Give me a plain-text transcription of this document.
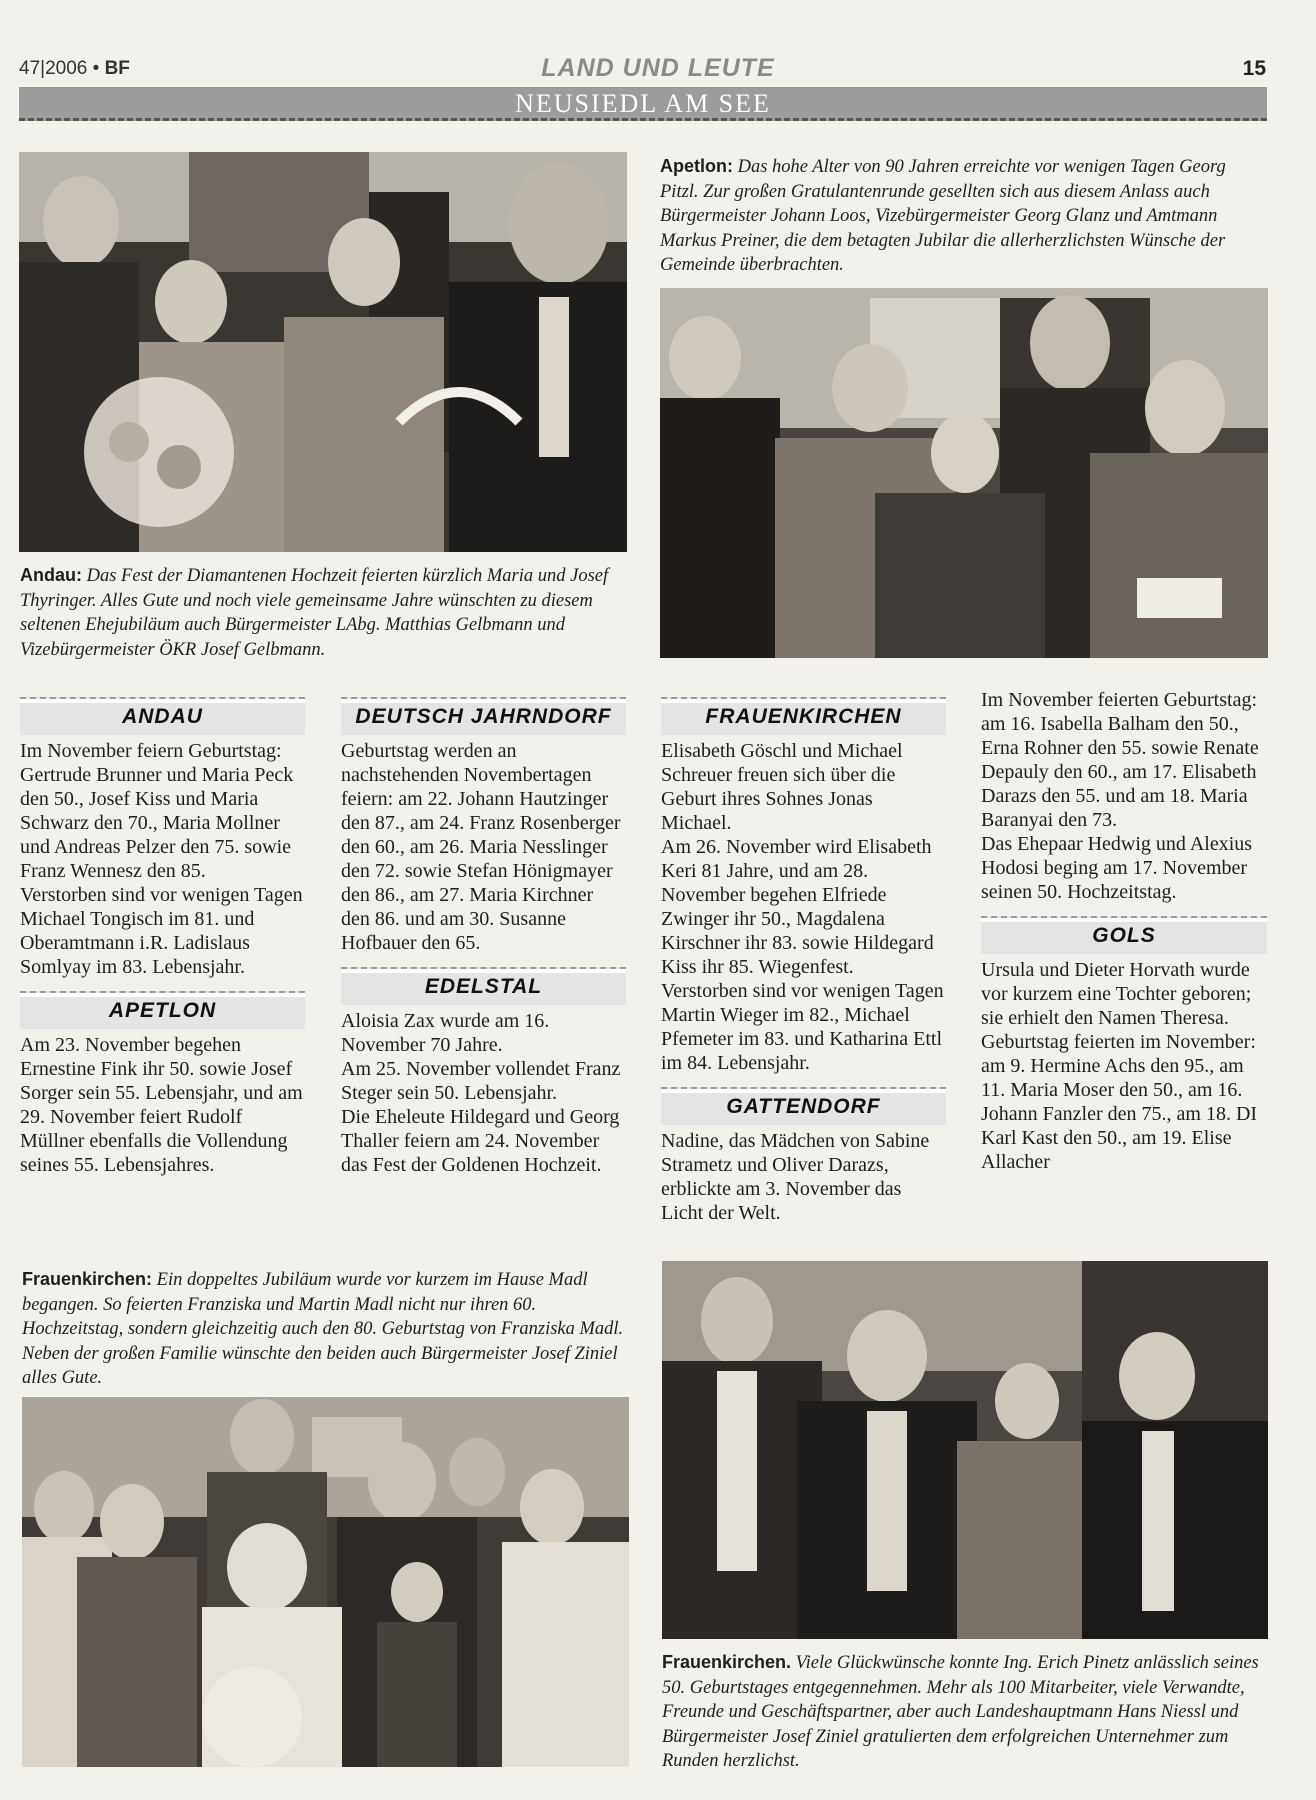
47|2006 • BF	LAND UND LEUTE	15
NEUSIEDL AM SEE
Andau: Das Fest der Diamantenen Hochzeit feierten kürzlich Maria und Josef Thyringer. Alles Gute und noch viele gemeinsame Jahre wünschten zu diesem seltenen Ehejubiläum auch Bürgermeister LAbg. Matthias Gelbmann und Vizebürgermeister ÖKR Josef Gelbmann.
Apetlon: Das hohe Alter von 90 Jahren erreichte vor wenigen Tagen Georg Pitzl. Zur großen Gratulantenrunde gesellten sich aus diesem Anlass auch Bürgermeister Johann Loos, Vizebürgermeister Georg Glanz und Amtmann Markus Preiner, die dem betagten Jubilar die allerherzlichsten Wünsche der Gemeinde überbrachten.
ANDAU

Im November feiern Geburtstag: Gertrude Brunner und Maria Peck den 50., Josef Kiss und Maria Schwarz den 70., Maria Mollner und Andreas Pelzer den 75. sowie Franz Wennesz den 85.

Verstorben sind vor wenigen Tagen Michael Tongisch im 81. und Oberamtmann i.R. Ladislaus Somlyay im 83. Lebensjahr.

APETLON

Am 23. November begehen Ernestine Fink ihr 50. sowie Josef Sorger sein 55. Lebensjahr, und am 29. November feiert Rudolf Müllner ebenfalls die Vollendung seines 55. Lebensjahres.

DEUTSCH JAHRNDORF

Geburtstag werden an nachstehenden Novembertagen feiern: am 22. Johann Hautzinger den 87., am 24. Franz Rosenberger den 60., am 26. Maria Nesslinger den 72. sowie Stefan Hönigmayer den 86., am 27. Maria Kirchner den 86. und am 30. Susanne Hofbauer den 65.

EDELSTAL

Aloisia Zax wurde am 16. November 70 Jahre.

Am 25. November vollendet Franz Steger sein 50. Lebensjahr.

Die Eheleute Hildegard und Georg Thaller feiern am 24. November das Fest der Goldenen Hochzeit.

FRAUENKIRCHEN

Elisabeth Göschl und Michael Schreuer freuen sich über die Geburt ihres Sohnes Jonas Michael.

Am 26. November wird Elisabeth Keri 81 Jahre, und am 28. November begehen Elfriede Zwinger ihr 50., Magdalena Kirschner ihr 83. sowie Hildegard Kiss ihr 85. Wiegenfest.

Verstorben sind vor wenigen Tagen Martin Wieger im 82., Michael Pfemeter im 83. und Katharina Ettl im 84. Lebensjahr.

GATTENDORF

Nadine, das Mädchen von Sabine Strametz und Oliver Darazs, erblickte am 3. November das Licht der Welt.

Im November feierten Geburtstag: am 16. Isabella Balham den 50., Erna Rohner den 55. sowie Renate Depauly den 60., am 17. Elisabeth Darazs den 55. und am 18. Maria Baranyai den 73.

Das Ehepaar Hedwig und Alexius Hodosi beging am 17. November seinen 50. Hochzeitstag.

GOLS

Ursula und Dieter Horvath wurde vor kurzem eine Tochter geboren; sie erhielt den Namen Theresa.

Geburtstag feierten im November: am 9. Hermine Achs den 95., am 11. Maria Moser den 50., am 16. Johann Fanzler den 75., am 18. DI Karl Kast den 50., am 19. Elise Allacher

Frauenkirchen: Ein doppeltes Jubiläum wurde vor kurzem im Hause Madl begangen. So feierten Franziska und Martin Madl nicht nur ihren 60. Hochzeitstag, sondern gleichzeitig auch den 80. Geburtstag von Franziska Madl. Neben der großen Familie wünschte den beiden auch Bürgermeister Josef Ziniel alles Gute.
Frauenkirchen. Viele Glückwünsche konnte Ing. Erich Pinetz anlässlich seines 50. Geburtstages entgegennehmen. Mehr als 100 Mitarbeiter, viele Verwandte, Freunde und Geschäftspartner, aber auch Landeshauptmann Hans Niessl und Bürgermeister Josef Ziniel gratulierten dem erfolgreichen Unternehmer zum Runden herzlichst.
